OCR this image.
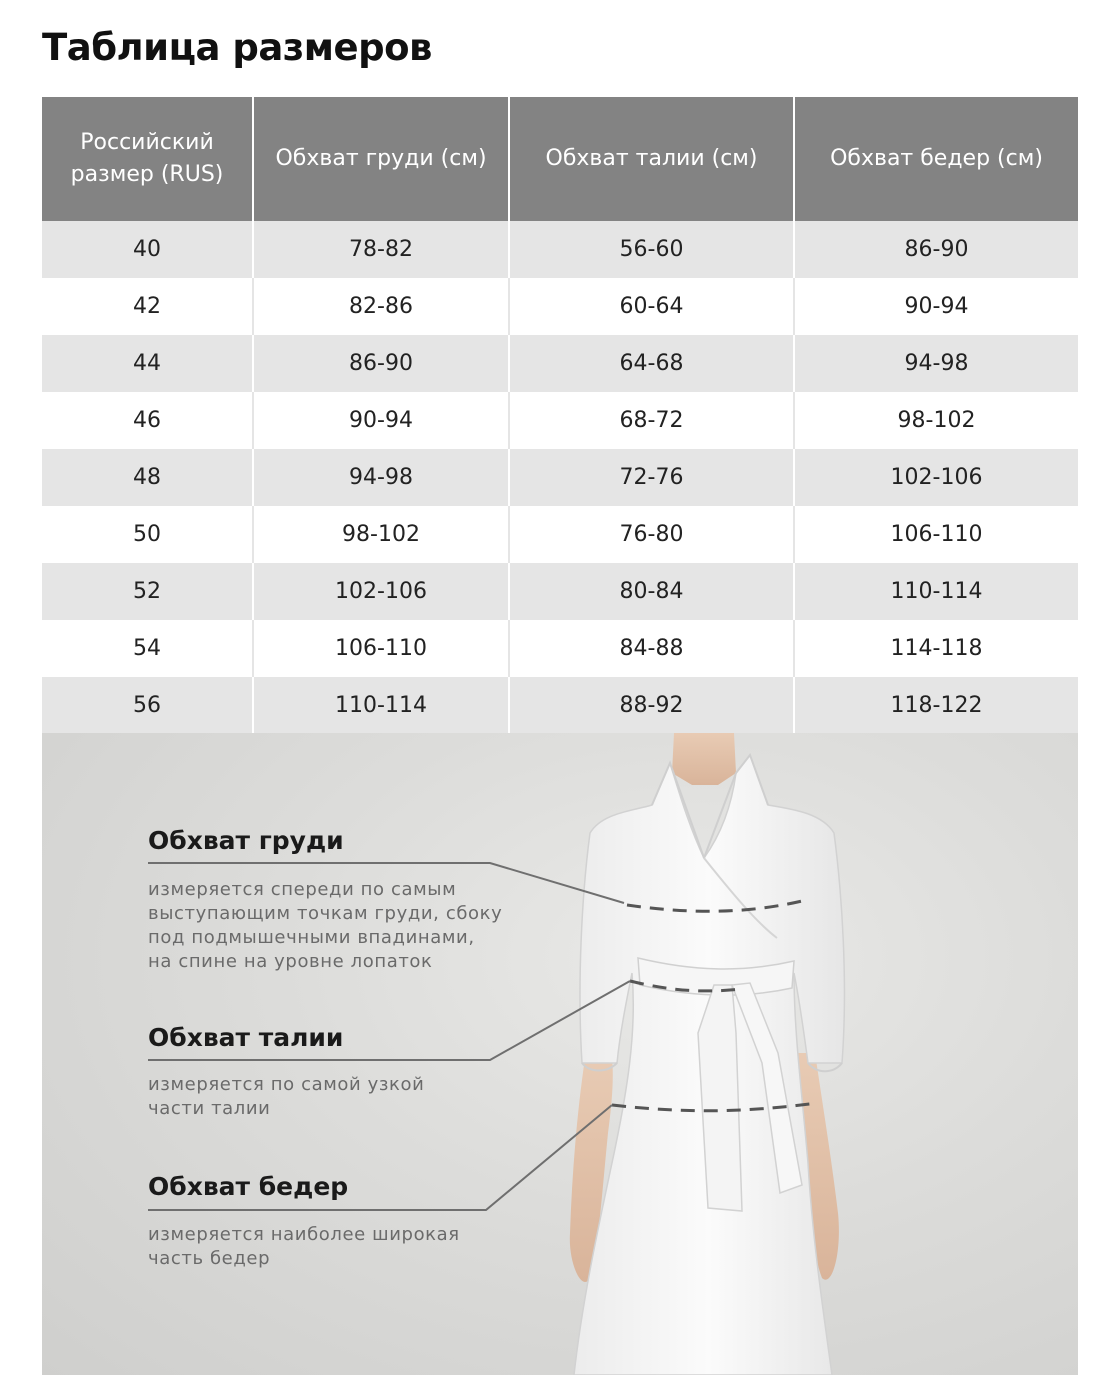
Таблица размеров
Российский размер (RUS)	Обхват груди (см)	Обхват талии (см)	Обхват бедер (см)
40	78-82	56-60	86-90
42	82-86	60-64	90-94
44	86-90	64-68	94-98
46	90-94	68-72	98-102
48	94-98	72-76	102-106
50	98-102	76-80	106-110
52	102-106	80-84	110-114
54	106-110	84-88	114-118
56	110-114	88-92	118-122
Обхват груди
измеряется спереди по самым
выступающим точкам груди, сбоку
под подмышечными впадинами,
на спине на уровне лопаток
Обхват талии
измеряется по самой узкой
части талии
Обхват бедер
измеряется наиболее широкая
часть бедер
